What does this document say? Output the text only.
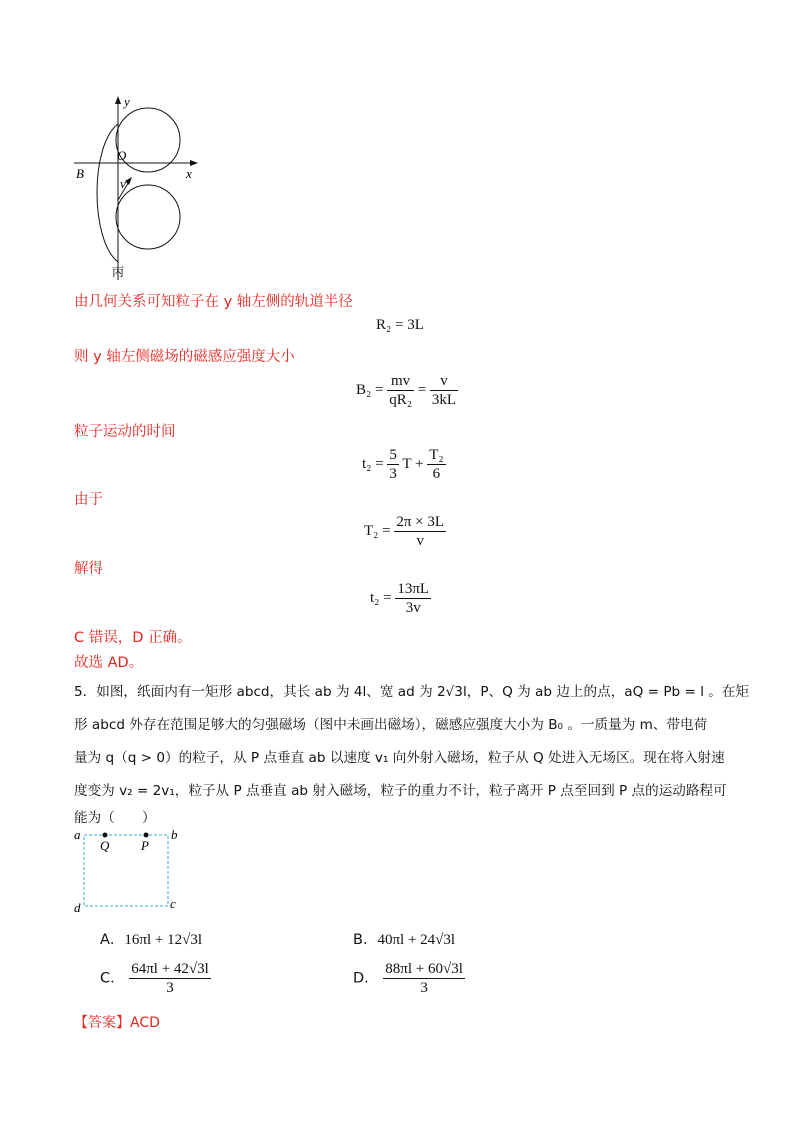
y
O
B	x
v
丙
由几何关系可知粒子在 y 轴左侧的轨道半径
R₂ = 3L
则 y 轴左侧磁场的磁感应强度大小
$B_2 = \frac{mv}{\text{qR₂}} = \frac{v}{3kL}$
粒子运动的时间
$t_2 = \frac{5}{3}$ $T + \frac{\text{T₂}}{6}$
由于
$T_2 = \frac{2\pi \times 3L}{v}$
解得
$t_2 = \frac{13\pi L}{3v}$
C 错误，D 正确。
故选 AD。
5．如图，纸面内有一矩形 abcd，其长 ab 为 4l、宽 ad 为 2√3l，P、Q 为 ab 边上的点，aQ = Pb = l 。在矩
形 abcd 外存在范围足够大的匀强磁场（图中未画出磁场），磁感应强度大小为 B₀ 。一质量为 m、带电荷
量为 q（q > 0）的粒子，从 P 点垂直 ab 以速度 v₁ 向外射入磁场，粒子从 Q 处进入无场区。现在将入射速
度变为 v₂ = 2v₁，粒子从 P 点垂直 ab 射入磁场，粒子的重力不计，粒子离开 P 点至回到 P 点的运动路程可
能为（　　）
a	b
c
d
Q P
A．16πl + 12√3l	B．40πl + 24√3l
C． $\frac{64\pi l + 42√3l}{3}$	D． $\frac{88\pi l + 60√3l}{3}$
【答案】ACD
